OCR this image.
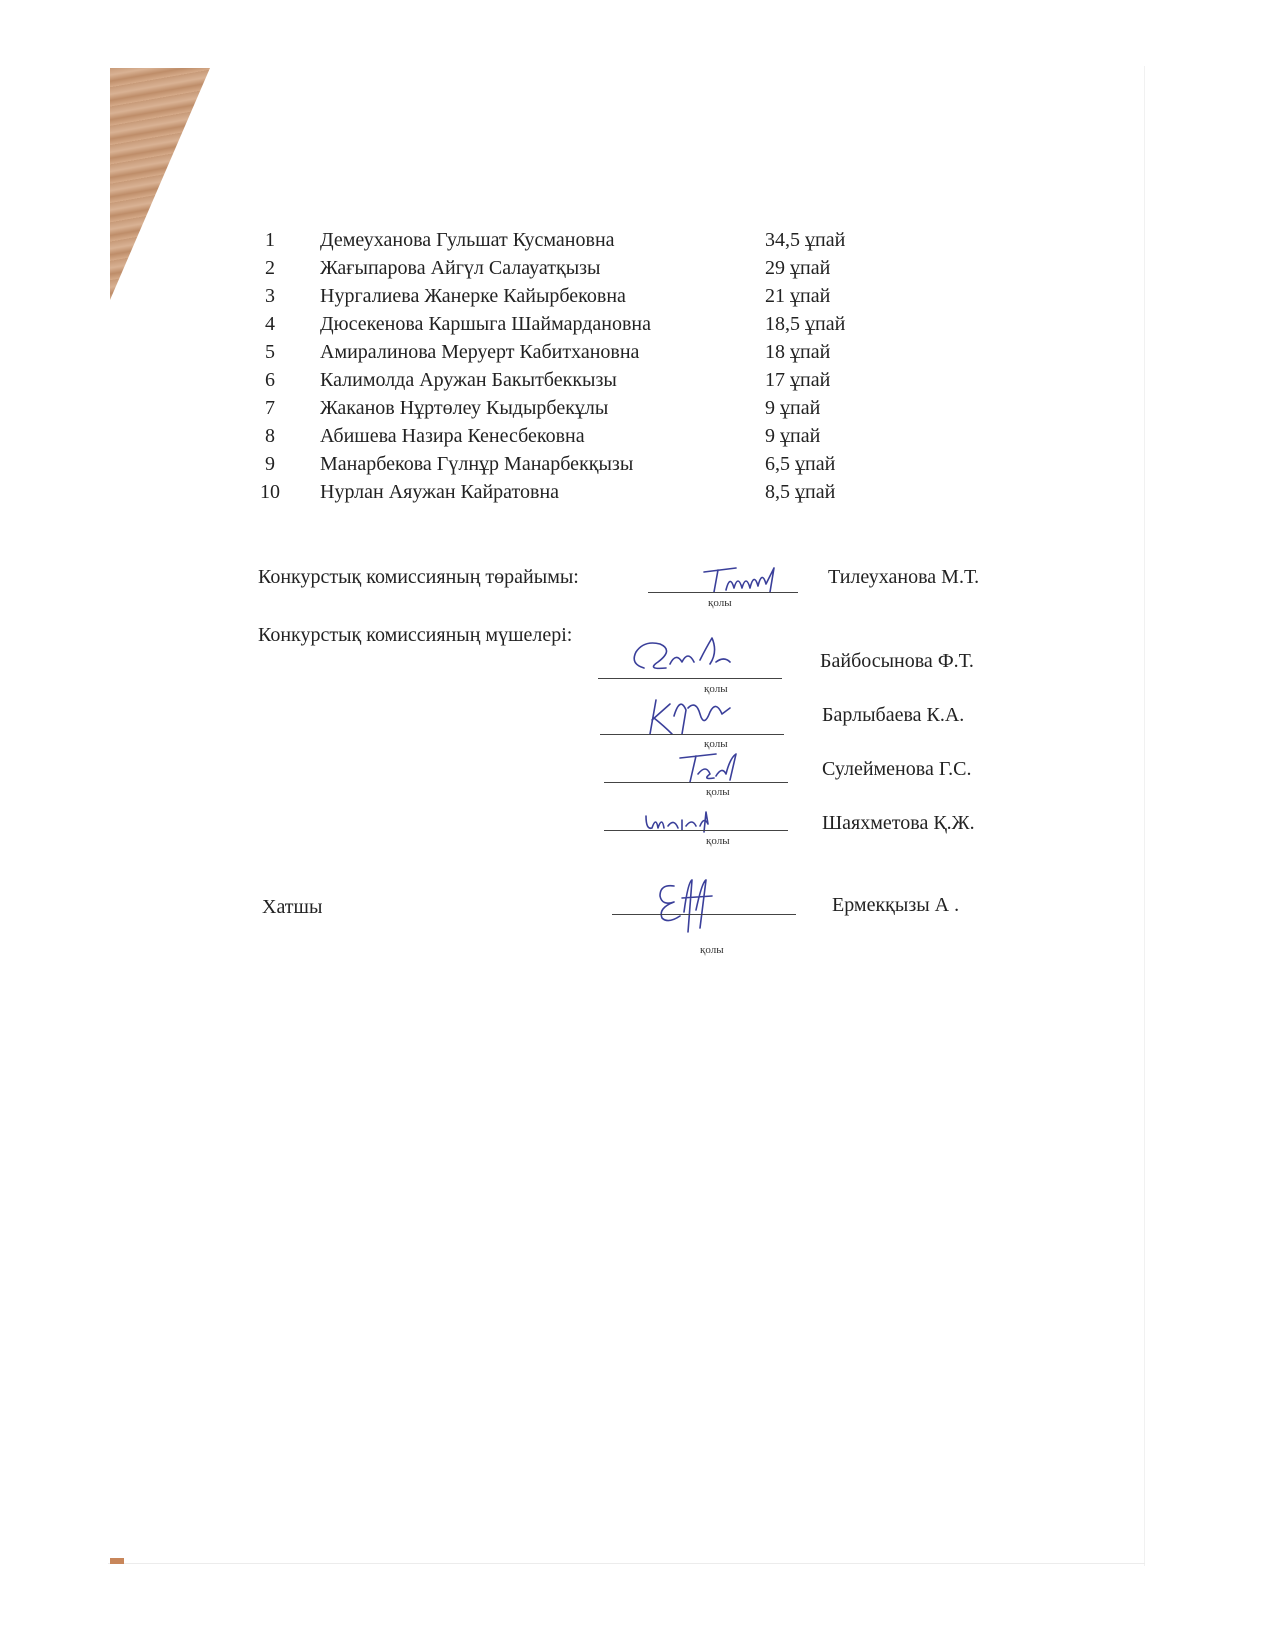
1	Демеуханова Гульшат Кусмановна	34,5 ұпай
2	Жағыпарова Айгүл Салауатқызы	29 ұпай
3	Нургалиева Жанерке Кайырбековна	21 ұпай
4	Дюсекенова Каршыга Шаймардановна	18,5 ұпай
5	Амиралинова Меруерт Кабитхановна	18 ұпай
6	Калимолда Аружан Бакытбеккызы	17 ұпай
7	Жаканов Нұртөлеу Кыдырбекұлы	9 ұпай
8	Абишева Назира Кенесбековна	9 ұпай
9	Манарбекова Гүлнұр Манарбекқызы	6,5 ұпай
10	Нурлан Аяужан Кайратовна	8,5 ұпай
Конкурстық комиссияның төрайымы:
қолы
Тилеуханова М.Т.
Конкурстық комиссияның мүшелері:
қолы
Байбосынова Ф.Т.
қолы
Барлыбаева К.А.
қолы
Сулейменова Г.С.
қолы
Шаяхметова Қ.Ж.
Хатшы
қолы
Ермекқызы А .
